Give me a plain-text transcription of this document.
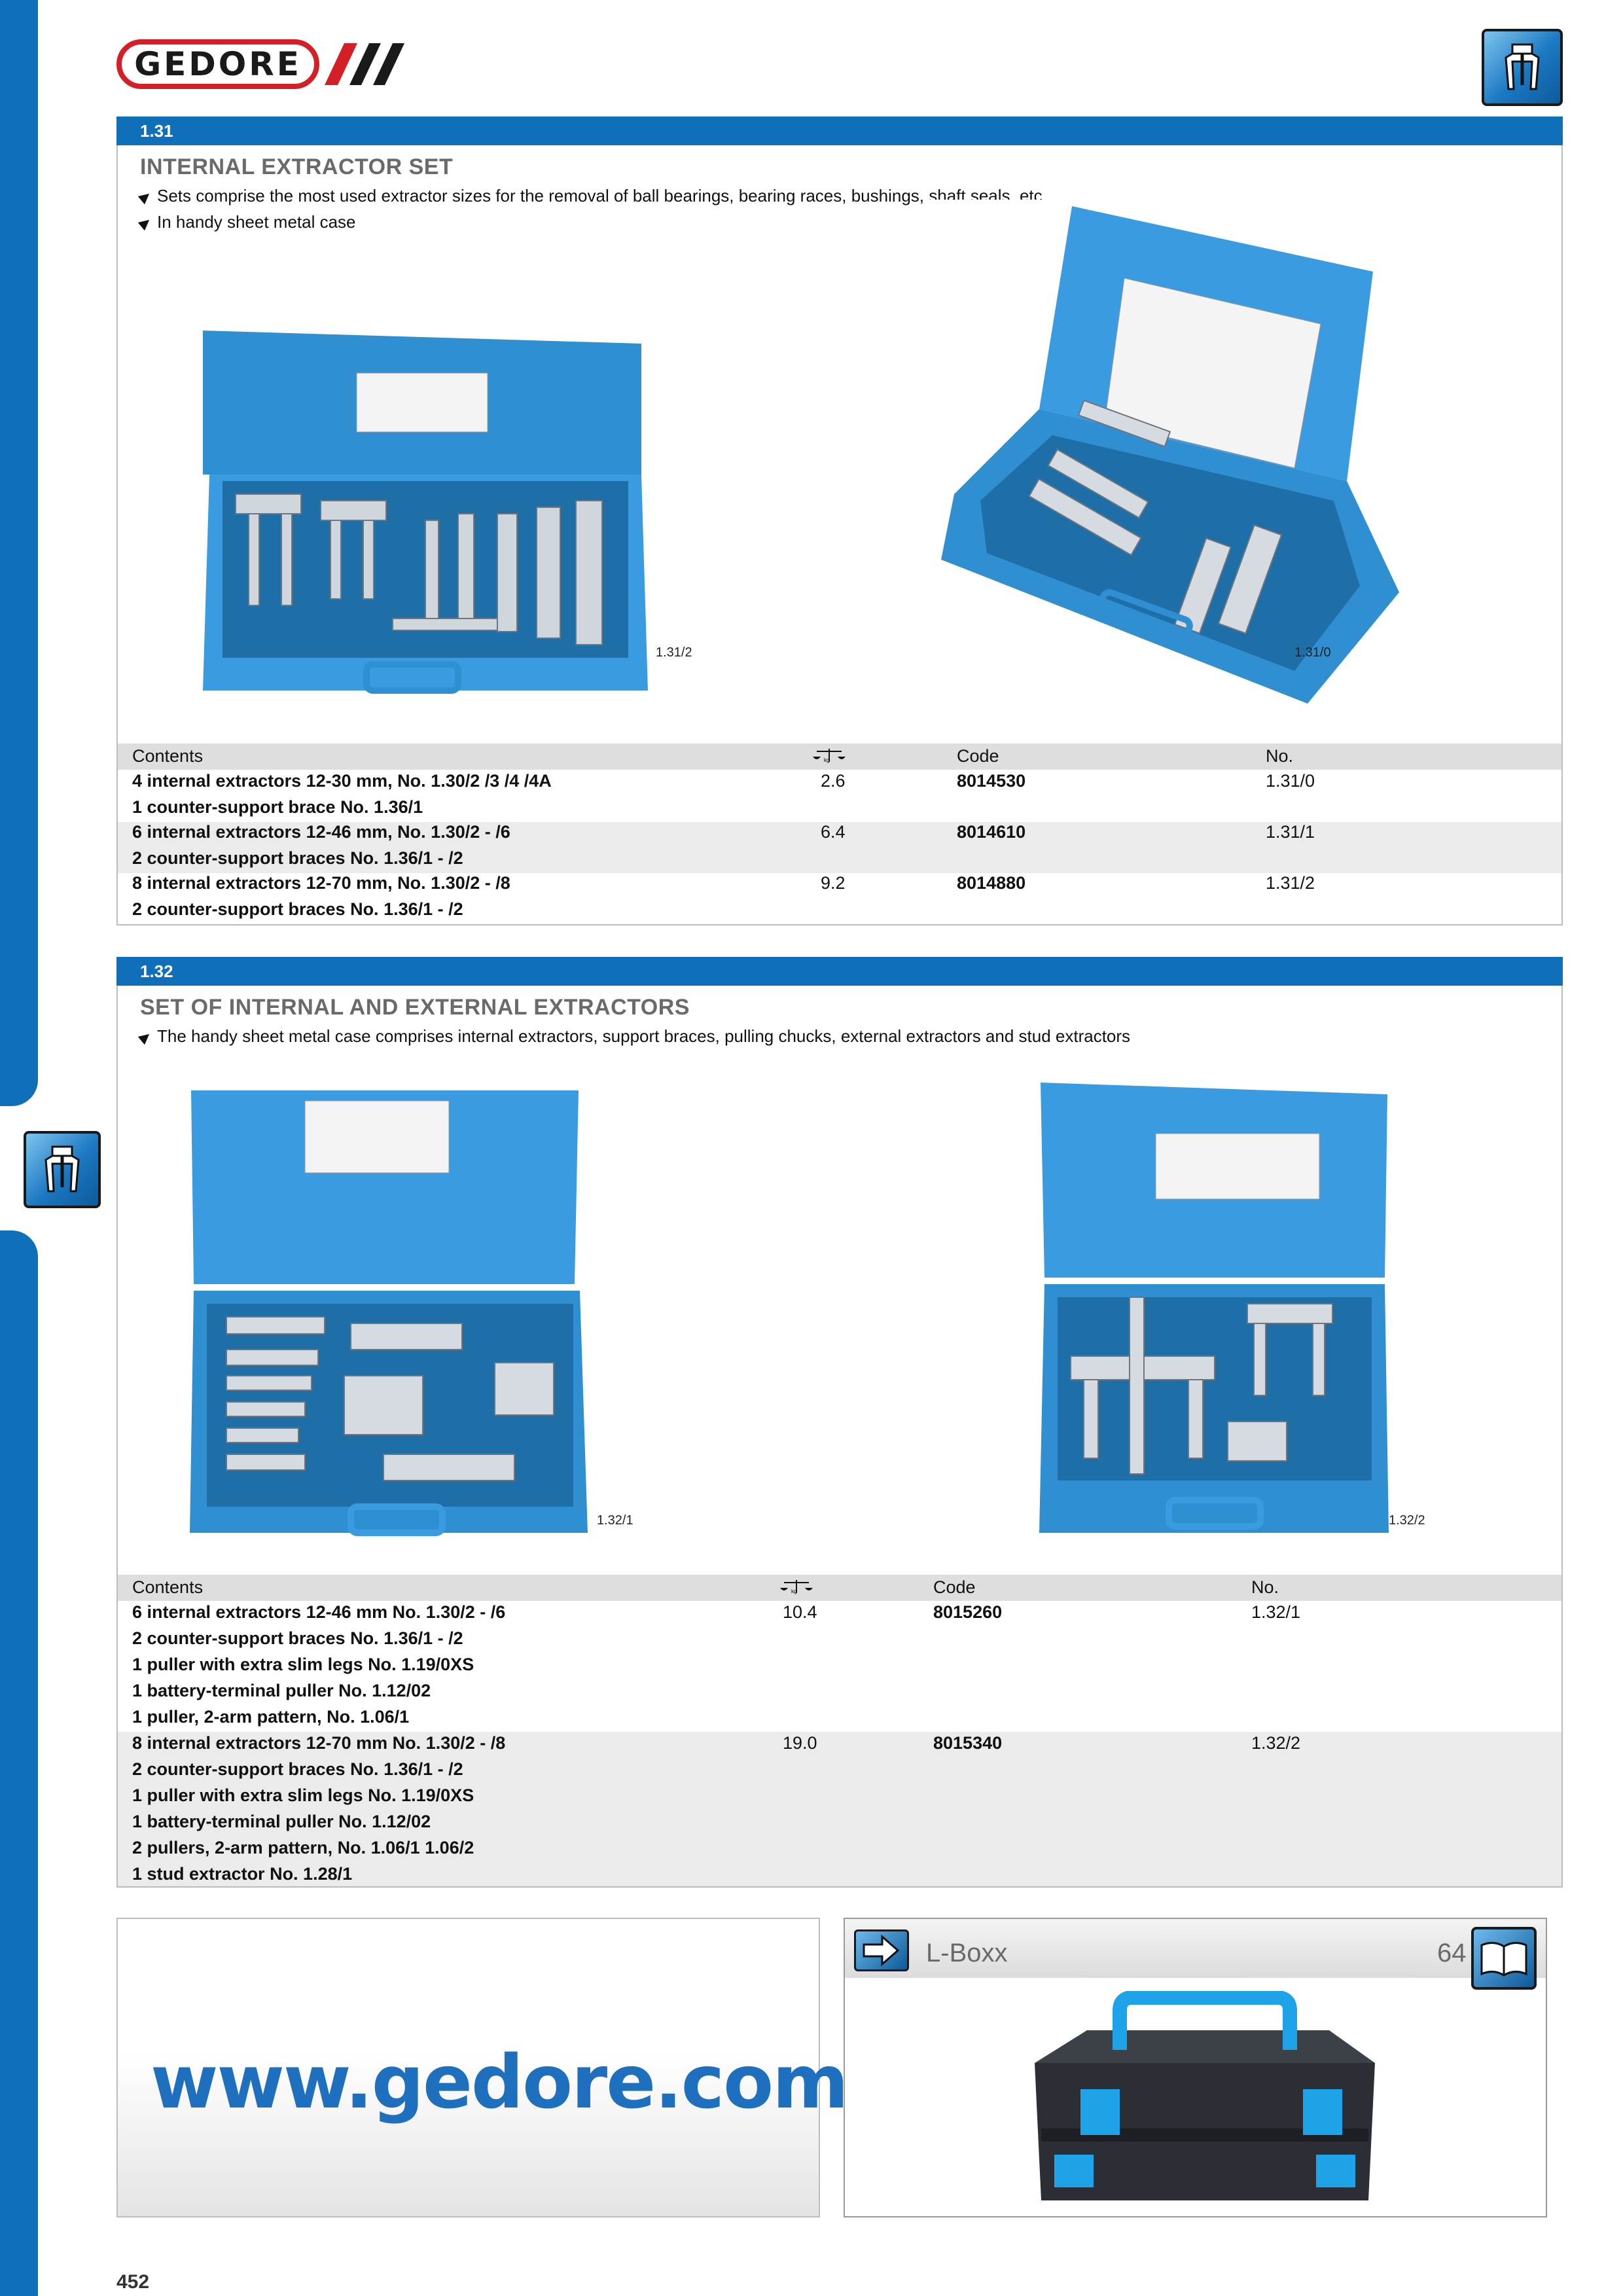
GEDORE
1.31
INTERNAL EXTRACTOR SET
Sets comprise the most used extractor sizes for the removal of ball bearings, bearing races, bushings, shaft seals, etc.
In handy sheet metal case
1.31/2	1.31/0
Contents	kg	Code	No.
4 internal extractors 12-30 mm, No. 1.30/2 /3 /4 /4A
1 counter-support brace No. 1.36/1
2.6	8014530	1.31/0
6 internal extractors 12-46 mm, No. 1.30/2 - /6
2 counter-support braces No. 1.36/1 - /2
6.4	8014610	1.31/1
8 internal extractors 12-70 mm, No. 1.30/2 - /8
2 counter-support braces No. 1.36/1 - /2
9.2	8014880	1.31/2
1.32
SET OF INTERNAL AND EXTERNAL EXTRACTORS
The handy sheet metal case comprises internal extractors, support braces, pulling chucks, external extractors and stud extractors
1.32/1	1.32/2
Contents	kg	Code	No.
6 internal extractors 12-46 mm No. 1.30/2 - /6
2 counter-support braces No. 1.36/1 - /2
1 puller with extra slim legs No. 1.19/0XS
1 battery-terminal puller No. 1.12/02
1 puller, 2-arm pattern, No. 1.06/1
10.4	8015260	1.32/1
8 internal extractors 12-70 mm No. 1.30/2 - /8
2 counter-support braces No. 1.36/1 - /2
1 puller with extra slim legs No. 1.19/0XS
1 battery-terminal puller No. 1.12/02
2 pullers, 2-arm pattern, No. 1.06/1 1.06/2
1 stud extractor No. 1.28/1
19.0	8015340	1.32/2
www.gedore.com
L-Boxx	64
452
